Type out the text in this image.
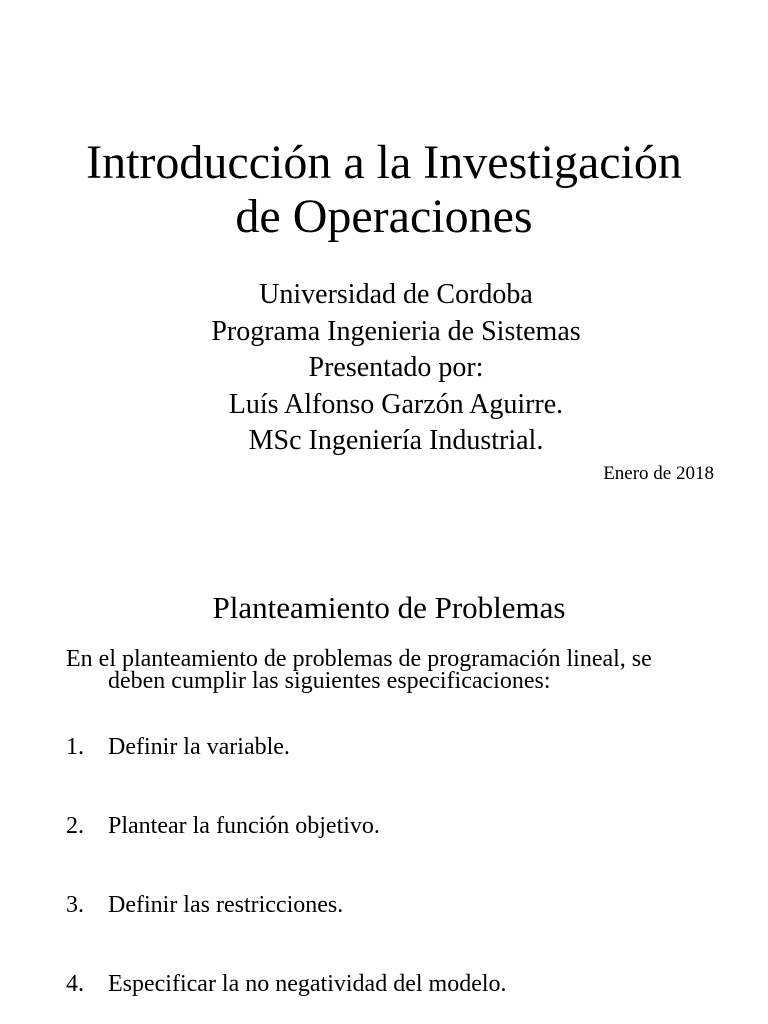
Introducción a la Investigación
de Operaciones
Universidad de Cordoba
Programa Ingenieria de Sistemas
Presentado por:
Luís Alfonso Garzón Aguirre.
MSc Ingeniería Industrial.
Enero de 2018
Planteamiento de Problemas
En el planteamiento de problemas de programación lineal, se
deben cumplir las siguientes especificaciones:
1. Definir la variable.
2. Plantear la función objetivo.
3. Definir las restricciones.
4. Especificar la no negatividad del modelo.
